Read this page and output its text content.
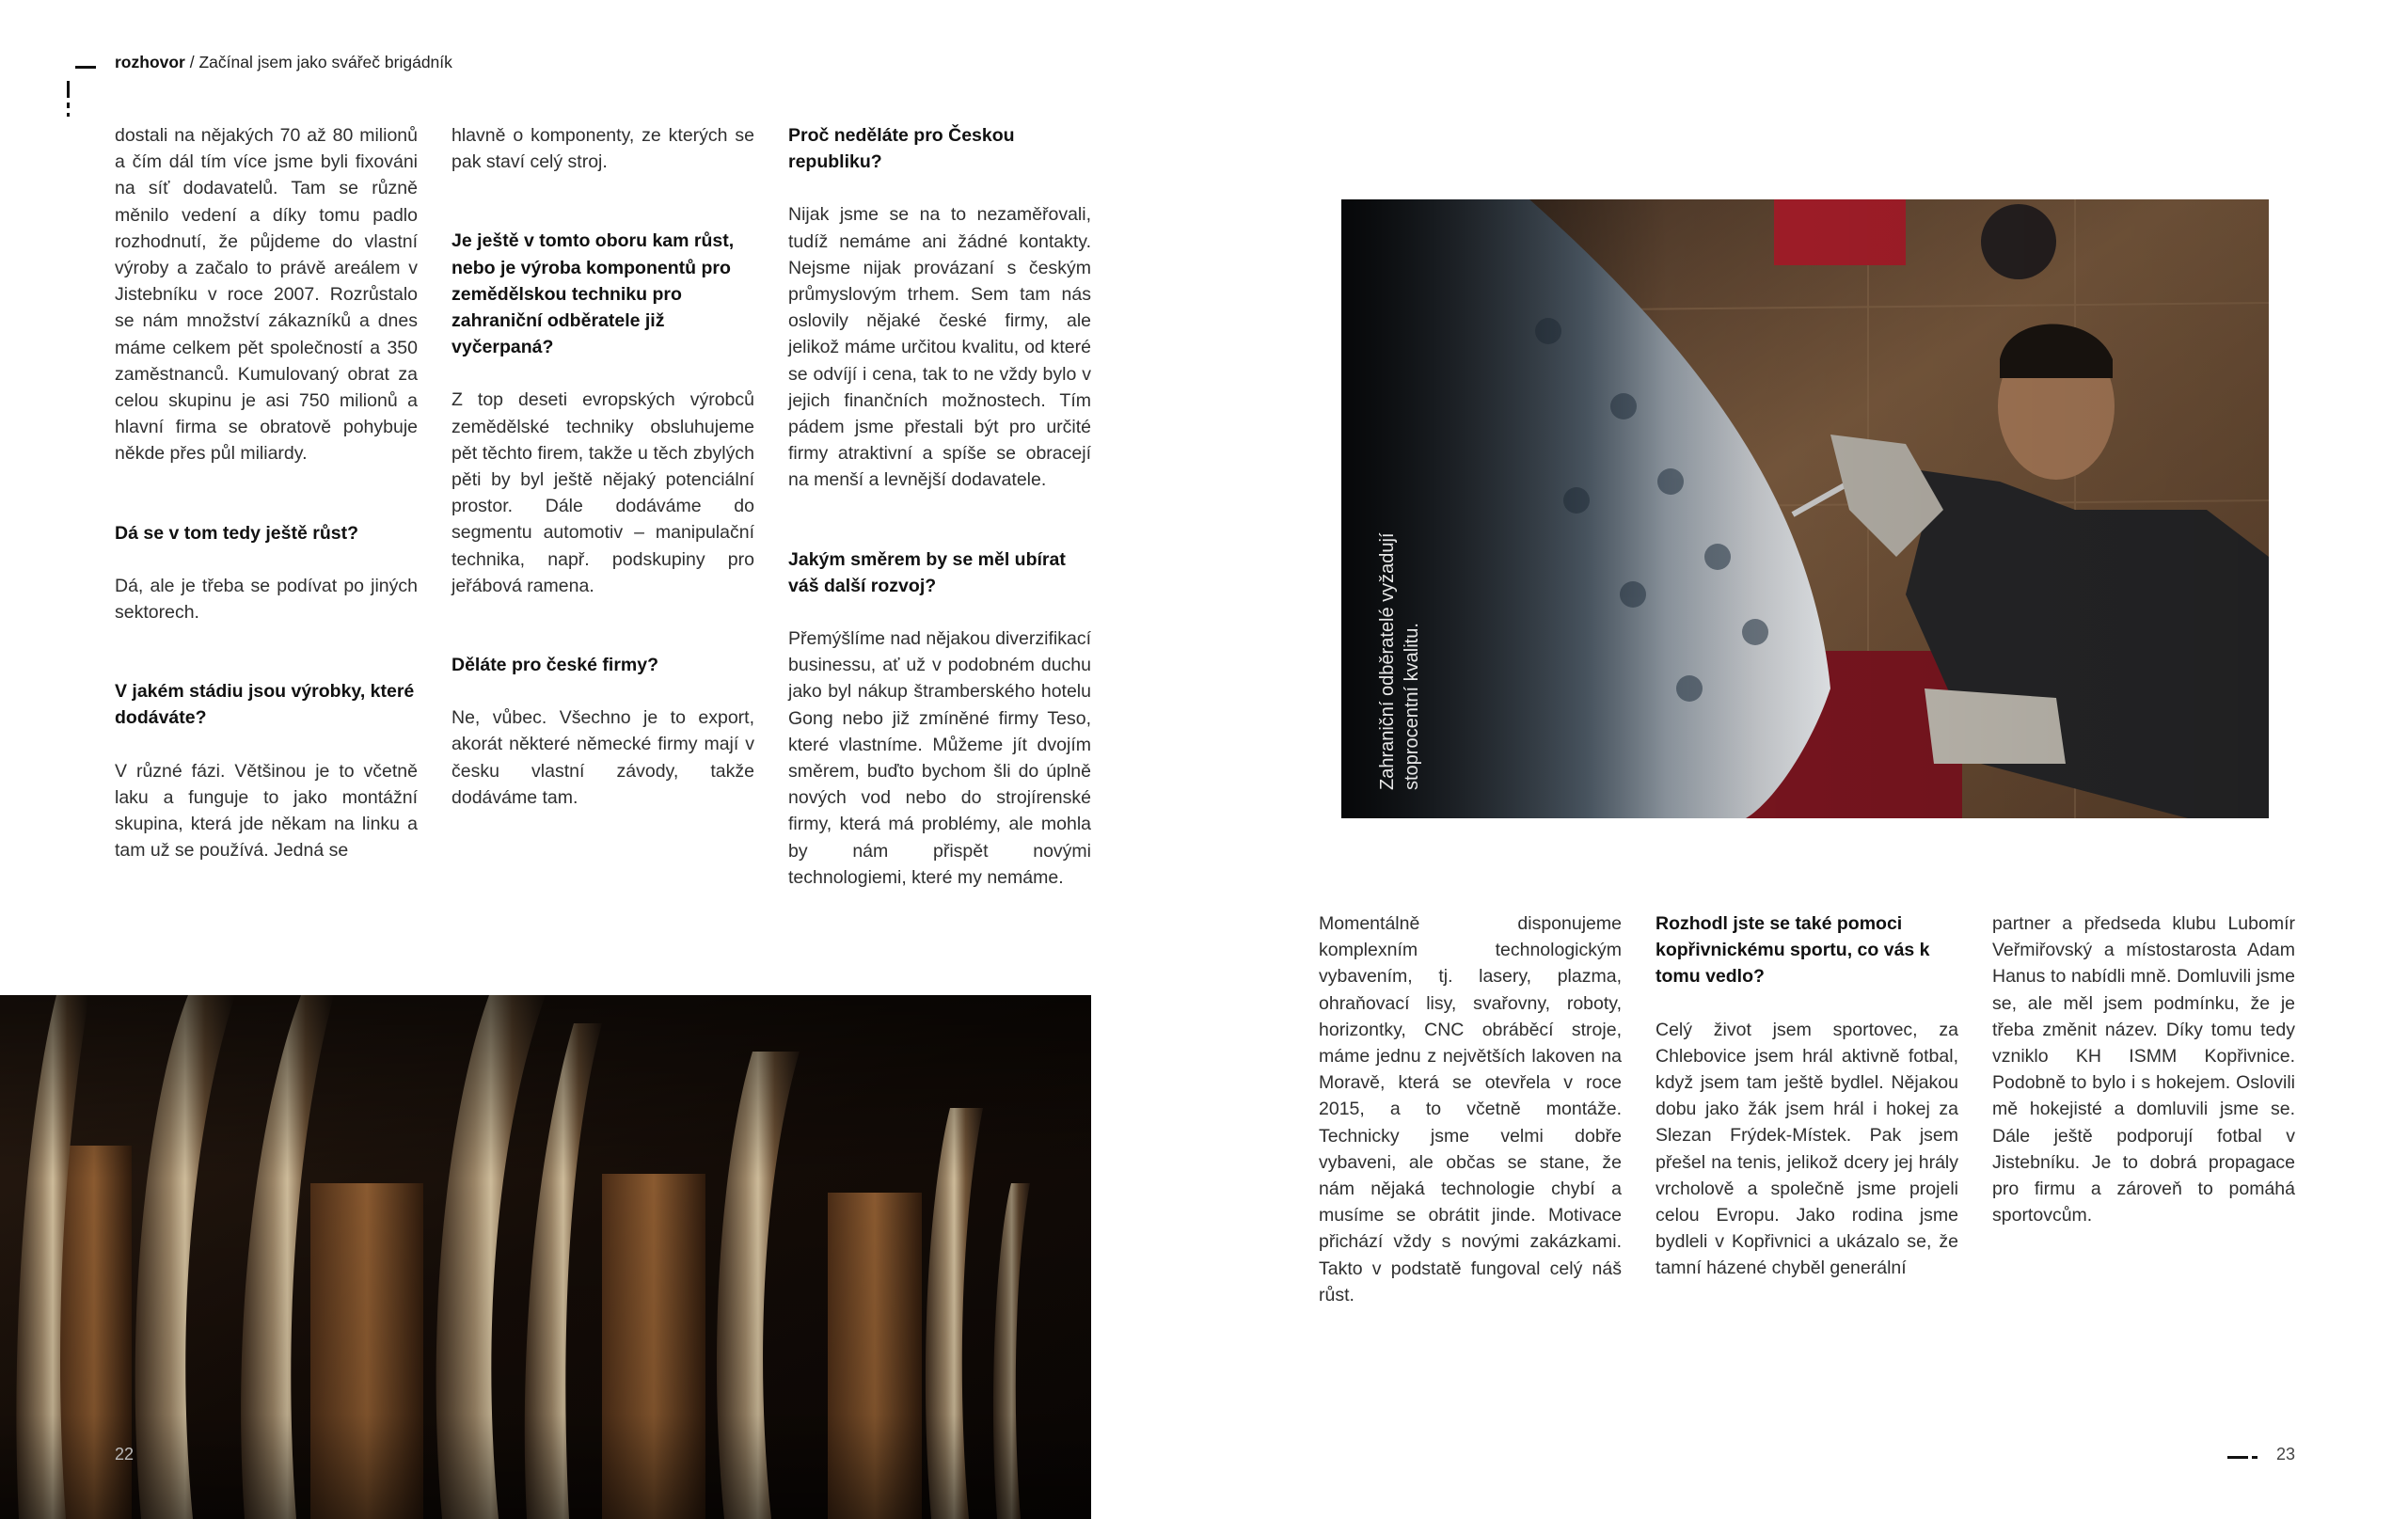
rozhovor / Začínal jsem jako svářeč brigádník

dostali na nějakých 70 až 80 milionů a čím dál tím více jsme byli fixováni na síť dodavatelů. Tam se různě měnilo vedení a díky tomu padlo rozhodnutí, že půjdeme do vlastní výroby a začalo to právě areálem v Jistebníku v roce 2007. Rozrůstalo se nám množství zákazníků a dnes máme celkem pět společností a 350 zaměstnanců. Kumulovaný obrat za celou skupinu je asi 750 milionů a hlavní firma se obratově pohybuje někde přes půl miliardy.

Dá se v tom tedy ještě růst?

Dá, ale je třeba se podívat po jiných sektorech.

V jakém stádiu jsou výrobky, které dodáváte?

V různé fázi. Většinou je to včetně laku a funguje to jako montážní skupina, která jde někam na linku a tam už se používá. Jedná se

hlavně o komponenty, ze kterých se pak staví celý stroj.

Je ještě v tomto oboru kam růst, nebo je výroba komponentů pro zemědělskou techniku pro zahraniční odběratele již vyčerpaná?

Z top deseti evropských výrobců zemědělské techniky obsluhujeme pět těchto firem, takže u těch zbylých pěti by byl ještě nějaký potenciální prostor. Dále dodáváme do segmentu automotiv – manipulační technika, např. podskupiny pro jeřábová ramena.

Děláte pro české firmy?

Ne, vůbec. Všechno je to export, akorát některé německé firmy mají v česku vlastní závody, takže dodáváme tam.

Proč neděláte pro Českou republiku?

Nijak jsme se na to nezaměřovali, tudíž nemáme ani žádné kontakty. Nejsme nijak provázaní s českým průmyslovým trhem. Sem tam nás oslovily nějaké české firmy, ale jelikož máme určitou kvalitu, od které se odvíjí i cena, tak to ne vždy bylo v jejich finančních možnostech. Tím pádem jsme přestali být pro určité firmy atraktivní a spíše se obracejí na menší a levnější dodavatele.

Jakým směrem by se měl ubírat váš další rozvoj?

Přemýšlíme nad nějakou diverzifikací businessu, ať už v podobném duchu jako byl nákup štramberského hotelu Gong nebo již zmíněné firmy Teso, které vlastníme. Můžeme jít dvojím směrem, buďto bychom šli do úplně nových vod nebo do strojírenské firmy, která má problémy, ale mohla by nám přispět novými technologiemi, které my nemáme.

22

Momentálně disponujeme komplexním technologickým vybavením, tj. lasery, plazma, ohraňovací lisy, svařovny, roboty, horizontky, CNC obráběcí stroje, máme jednu z největších lakoven na Moravě, která se otevřela v roce 2015, a to včetně montáže. Technicky jsme velmi dobře vybaveni, ale občas se stane, že nám nějaká technologie chybí a musíme se obrátit jinde. Motivace přichází vždy s novými zakázkami. Takto v podstatě fungoval celý náš růst.

Rozhodl jste se také pomoci kopřivnickému sportu, co vás k tomu vedlo?

Celý život jsem sportovec, za Chlebovice jsem hrál aktivně fotbal, když jsem tam ještě bydlel. Nějakou dobu jako žák jsem hrál i hokej za Slezan Frýdek-Místek. Pak jsem přešel na tenis, jelikož dcery jej hrály vrcholově a společně jsme projeli celou Evropu. Jako rodina jsme bydleli v Kopřivnici a ukázalo se, že tamní házené chyběl generální

partner a předseda klubu Lubomír Veřmiřovský a místostarosta Adam Hanus to nabídli mně. Domluvili jsme se, ale měl jsem podmínku, že je třeba změnit název. Díky tomu tedy vzniklo KH ISMM Kopřivnice. Podobně to bylo i s hokejem. Oslovili mě hokejisté a domluvili jsme se. Dále ještě podporují fotbal v Jistebníku. Je to dobrá propagace pro firmu a zároveň to pomáhá sportovcům.

23
